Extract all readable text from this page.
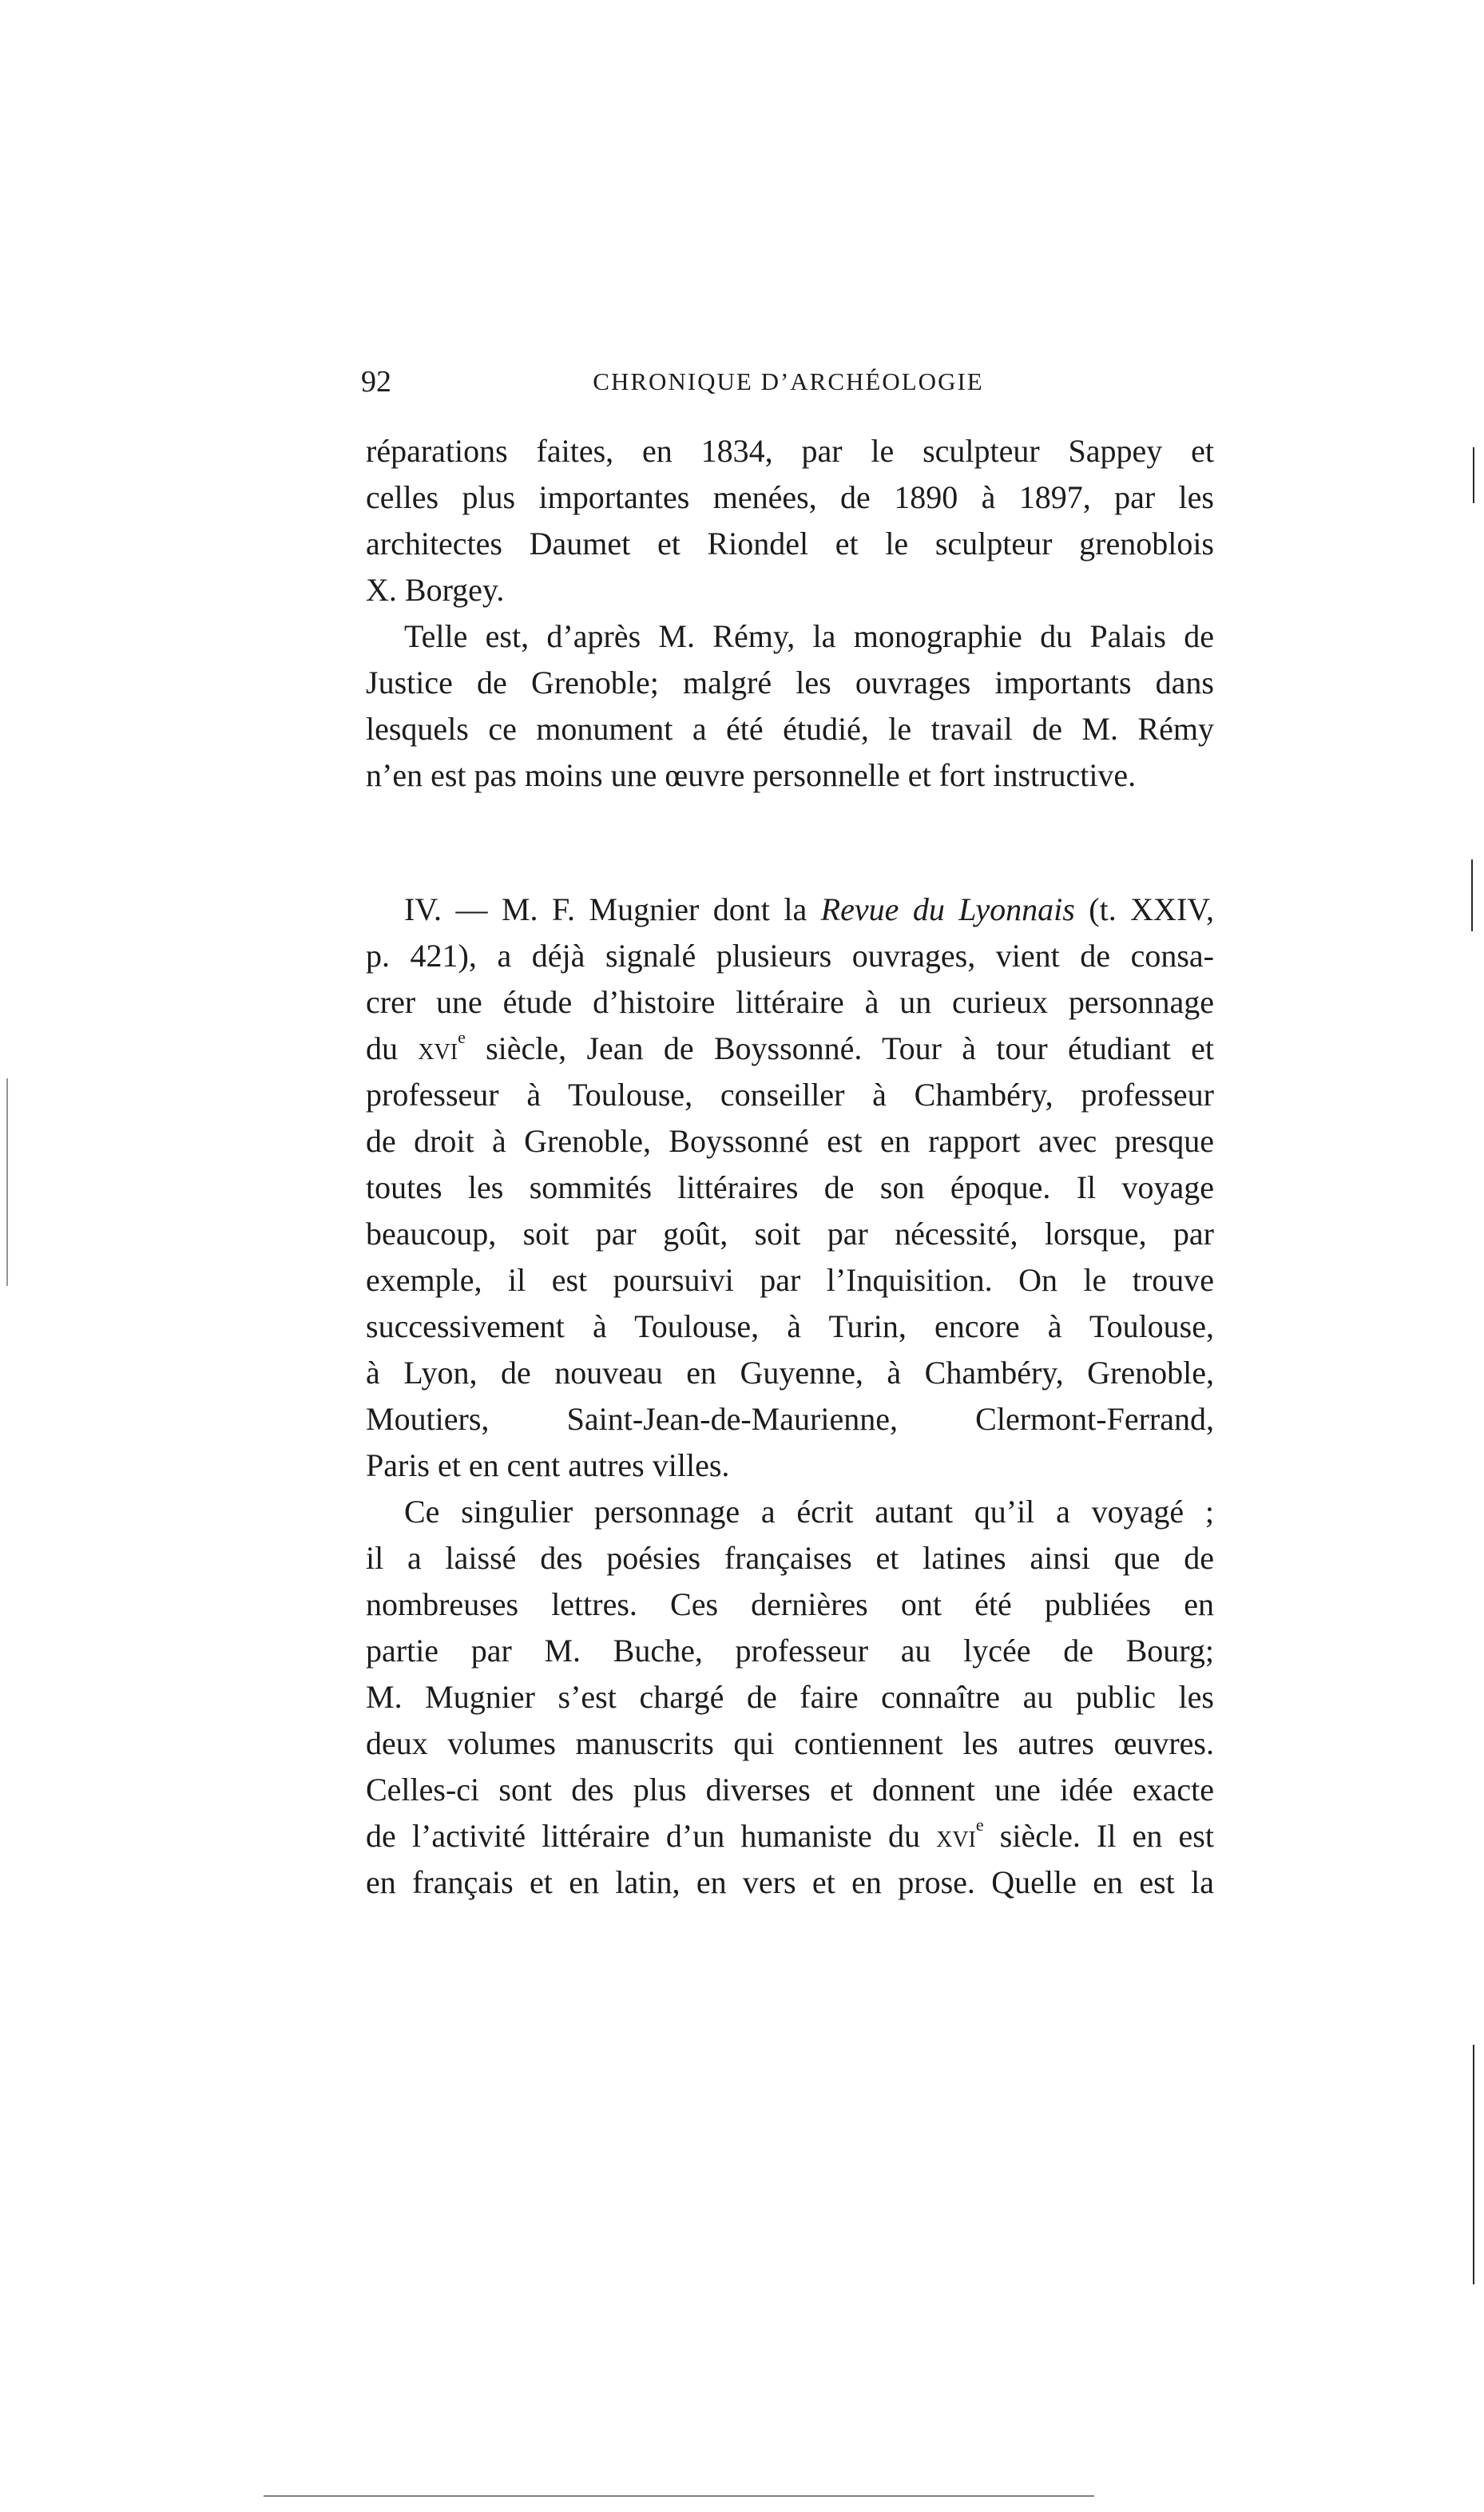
92	CHRONIQUE D’ARCHÉOLOGIE
réparations faites, en 1834, par le sculpteur Sappey et
celles plus importantes menées, de 1890 à 1897, par les
architectes Daumet et Riondel et le sculpteur grenoblois
X. Borgey.
Telle est, d’après M. Rémy, la monographie du Palais de
Justice de Grenoble; malgré les ouvrages importants dans
lesquels ce monument a été étudié, le travail de M. Rémy
n’en est pas moins une œuvre personnelle et fort instructive.
IV. — M. F. Mugnier dont la Revue du Lyonnais (t. XXIV,
p. 421), a déjà signalé plusieurs ouvrages, vient de consa-
crer une étude d’histoire littéraire à un curieux personnage
du xvi$^e$ siècle, Jean de Boyssonné. Tour à tour étudiant et
professeur à Toulouse, conseiller à Chambéry, professeur
de droit à Grenoble, Boyssonné est en rapport avec presque
toutes les sommités littéraires de son époque. Il voyage
beaucoup, soit par goût, soit par nécessité, lorsque, par
exemple, il est poursuivi par l’Inquisition. On le trouve
successivement à Toulouse, à Turin, encore à Toulouse,
à Lyon, de nouveau en Guyenne, à Chambéry, Grenoble,
Moutiers, Saint-Jean-de-Maurienne, Clermont-Ferrand,
Paris et en cent autres villes.
Ce singulier personnage a écrit autant qu’il a voyagé ;
il a laissé des poésies françaises et latines ainsi que de
nombreuses lettres. Ces dernières ont été publiées en
partie par M. Buche, professeur au lycée de Bourg;
M. Mugnier s’est chargé de faire connaître au public les
deux volumes manuscrits qui contiennent les autres œuvres.
Celles-ci sont des plus diverses et donnent une idée exacte
de l’activité littéraire d’un humaniste du xvi$^e$ siècle. Il en est
en français et en latin, en vers et en prose. Quelle en est la
